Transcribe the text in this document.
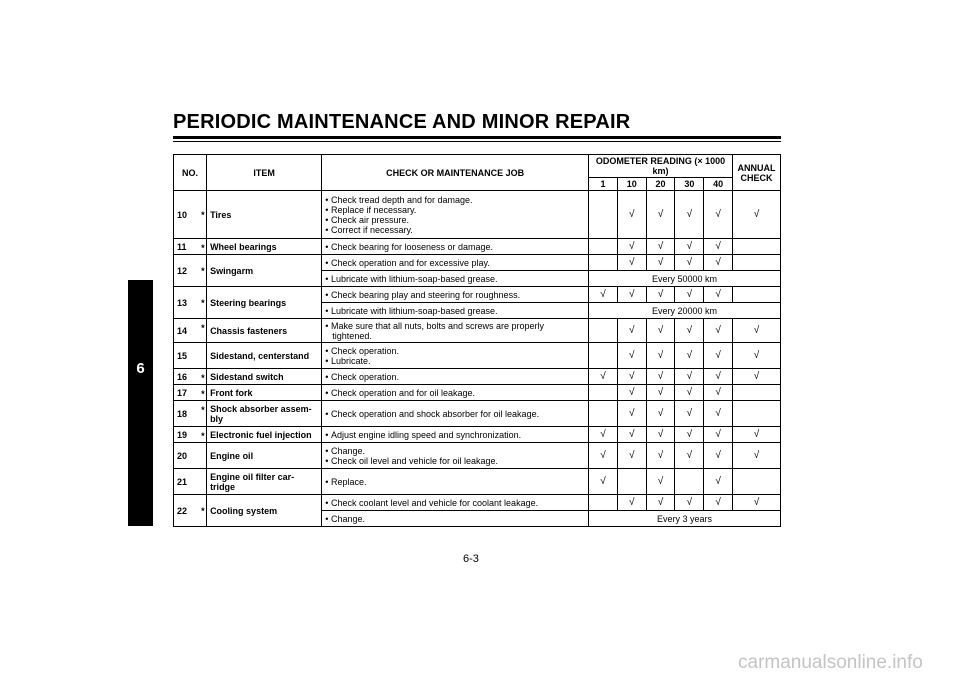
PERIODIC MAINTENANCE AND MINOR REPAIR
6
NO.		ITEM	CHECK OR MAINTENANCE JOB	ODOMETER READING (× 1000 km)					ANNUAL CHECK
				1	10	20	30	40	
10	*	Tires	• Check tread depth and for damage.
• Replace if necessary.
• Check air pressure.
• Correct if necessary.		√	√	√	√	√
11	*	Wheel bearings	• Check bearing for looseness or damage.		√	√	√	√	
12	*	Swingarm	• Check operation and for excessive play.		√	√	√	√	

			• Lubricate with lithium-soap-based grease.	Every 50000 km					
13	*	Steering bearings	• Check bearing play and steering for roughness.	√	√	√	√	√	

			• Lubricate with lithium-soap-based grease.	Every 20000 km					
14	*	Chassis fasteners	• Make sure that all nuts, bolts and screws are properly tightened.		√	√	√	√	√
15		Sidestand, centerstand	• Check operation.
• Lubricate.		√	√	√	√	√
16	*	Sidestand switch	• Check operation.	√	√	√	√	√	√
17	*	Front fork	• Check operation and for oil leakage.		√	√	√	√	
18	*	Shock absorber assem-bly	• Check operation and shock absorber for oil leakage.		√	√	√	√	
19	*	Electronic fuel injection	• Adjust engine idling speed and synchronization.	√	√	√	√	√	√
20		Engine oil	• Change.
• Check oil level and vehicle for oil leakage.	√	√	√	√	√	√
21		Engine oil filter car-tridge	• Replace.	√		√		√	
22	*	Cooling system	• Check coolant level and vehicle for coolant leakage.		√	√	√	√	√

			• Change.	Every 3 years					
6-3
carmanualsonline.info
